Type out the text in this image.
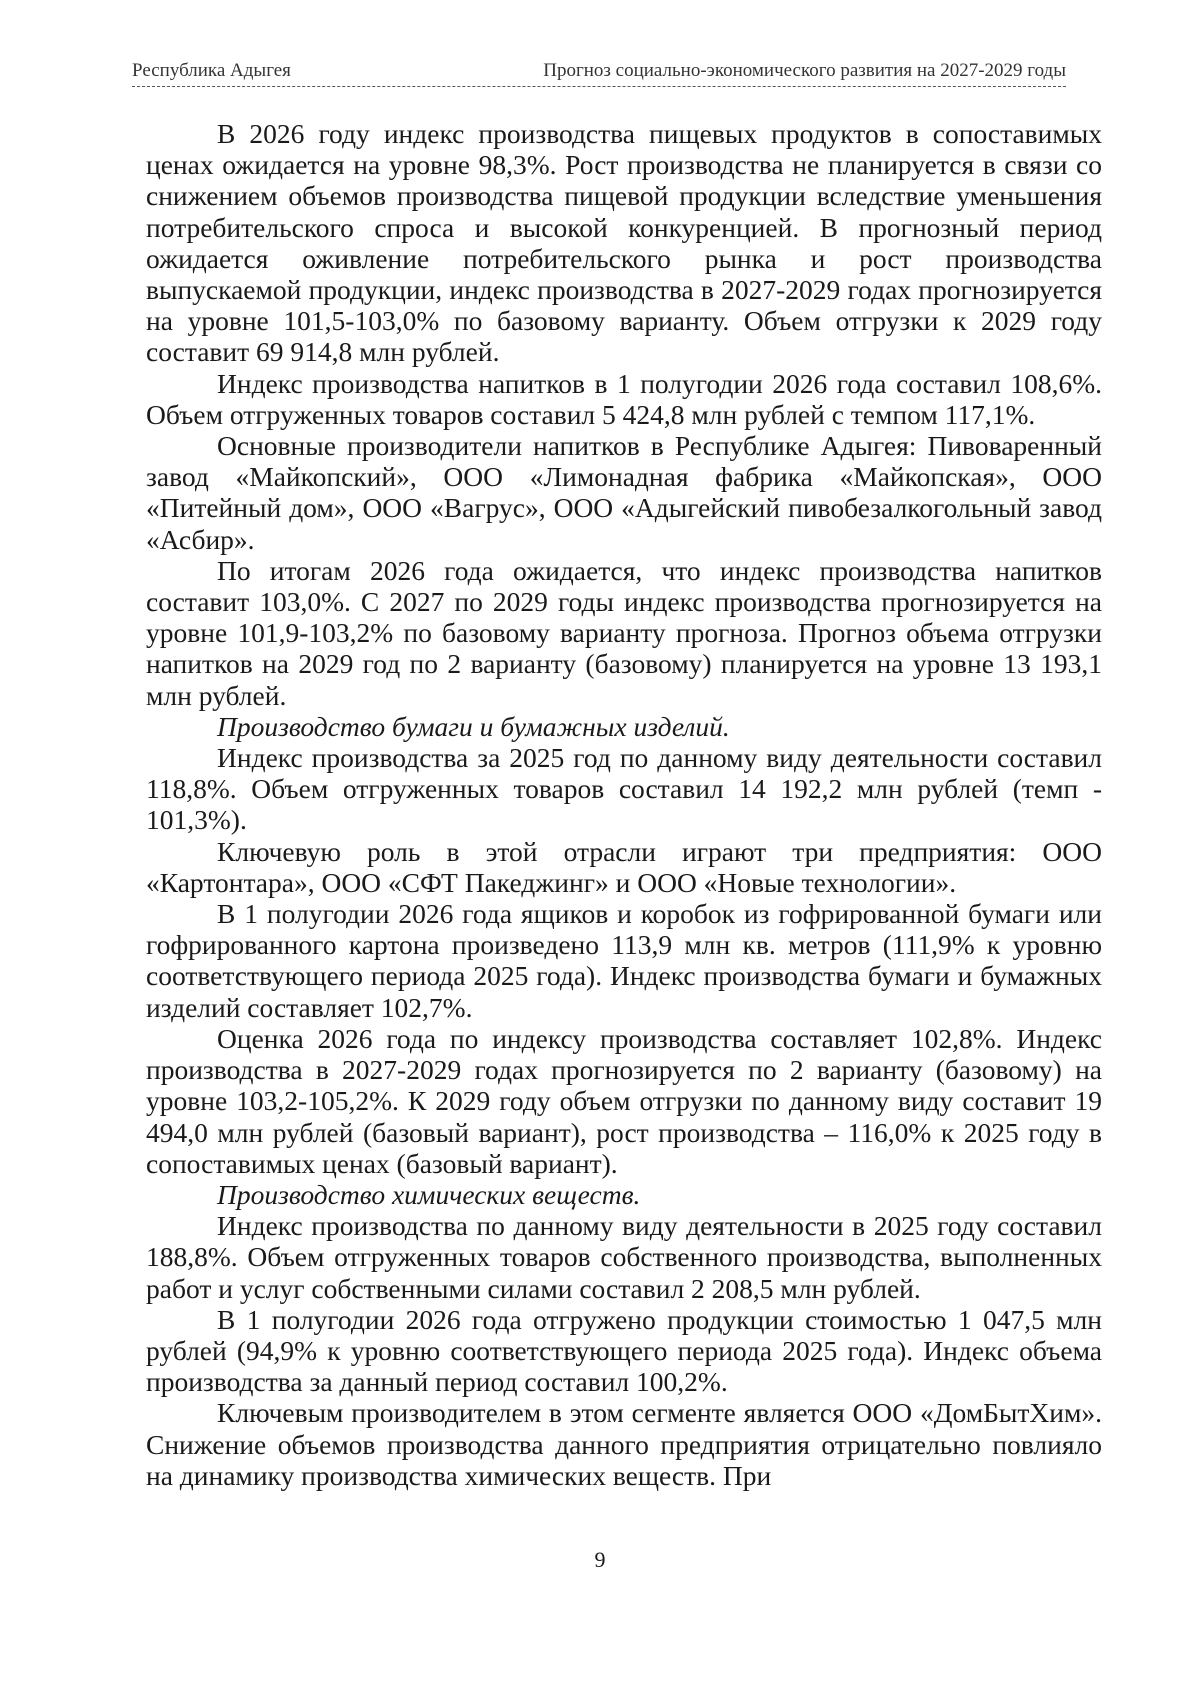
Республика Адыгея	Прогноз социально-экономического развития на 2027-2029 годы

В 2026 году индекс производства пищевых продуктов в сопоставимых ценах ожидается на уровне 98,3%. Рост производства не планируется в связи со снижением объемов производства пищевой продукции вследствие уменьшения потребительского спроса и высокой конкуренцией. В прогнозный период ожидается оживление потребительского рынка и рост производства выпускаемой продукции, индекс производства в 2027-2029 годах прогнозируется на уровне 101,5-103,0% по базовому варианту. Объем отгрузки к 2029 году составит 69 914,8 млн рублей.

Индекс производства напитков в 1 полугодии 2026 года составил 108,6%. Объем отгруженных товаров составил 5 424,8 млн рублей с темпом 117,1%.

Основные производители напитков в Республике Адыгея: Пивоваренный завод «Майкопский», ООО «Лимонадная фабрика «Майкопская», ООО «Питейный дом», ООО «Вагрус», ООО «Адыгейский пивобезалкогольный завод «Асбир».

По итогам 2026 года ожидается, что индекс производства напитков составит 103,0%. С 2027 по 2029 годы индекс производства прогнозируется на уровне 101,9-103,2% по базовому варианту прогноза. Прогноз объема отгрузки напитков на 2029 год по 2 варианту (базовому) планируется на уровне 13 193,1 млн рублей.

Производство бумаги и бумажных изделий.

Индекс производства за 2025 год по данному виду деятельности составил 118,8%. Объем отгруженных товаров составил 14 192,2 млн рублей (темп - 101,3%).

Ключевую роль в этой отрасли играют три предприятия: ООО «Картонтара», ООО «СФТ Пакеджинг» и ООО «Новые технологии».

В 1 полугодии 2026 года ящиков и коробок из гофрированной бумаги или гофрированного картона произведено 113,9 млн кв. метров (111,9% к уровню соответствующего периода 2025 года). Индекс производства бумаги и бумажных изделий составляет 102,7%.

Оценка 2026 года по индексу производства составляет 102,8%. Индекс производства в 2027-2029 годах прогнозируется по 2 варианту (базовому) на уровне 103,2-105,2%. К 2029 году объем отгрузки по данному виду составит 19 494,0 млн рублей (базовый вариант), рост производства – 116,0% к 2025 году в сопоставимых ценах (базовый вариант).

Производство химических веществ.

Индекс производства по данному виду деятельности в 2025 году составил 188,8%. Объем отгруженных товаров собственного производства, выполненных работ и услуг собственными силами составил 2 208,5 млн рублей.

В 1 полугодии 2026 года отгружено продукции стоимостью 1 047,5 млн рублей (94,9% к уровню соответствующего периода 2025 года). Индекс объема производства за данный период составил 100,2%.

Ключевым производителем в этом сегменте является ООО «ДомБытХим». Снижение объемов производства данного предприятия отрицательно повлияло на динамику производства химических веществ. При

9
